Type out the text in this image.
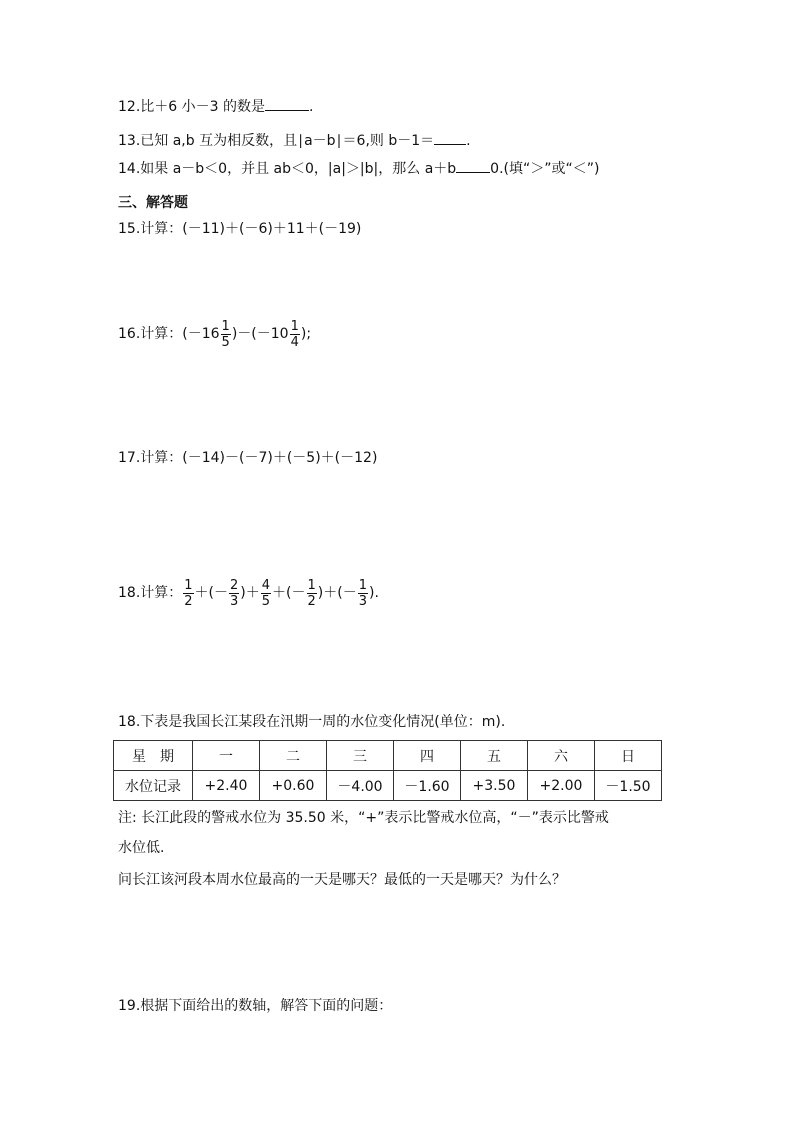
12.比＋6 小－3 的数是	.
13.已知 a,b 互为相反数，且∣a－b∣＝6,则 b－1＝ .
14.如果 a－b＜0，并且 ab＜0，|a|＞|b|，那么 a＋b 0.(填“＞”或“＜”)
三、解答题
15.计算：(－11)＋(－6)＋11＋(－19)
16.计算：$(-16 \frac{1}{5} )-(-10 \frac{1}{4}$ );
17.计算：(－14)－(－7)＋(－5)＋(－12)
18.计算： $\frac{1}{2}$ ＋(－ $\frac{2}{3}$ )＋ $\frac{4}{5}$ ＋(－ $\frac{1}{2}$ )＋(－ $\frac{1}{3}$ ).
18.下表是我国长江某段在汛期一周的水位变化情况(单位：m).
星　期	一	二	三	四	五	六	日
水位记录	+2.40	+0.60	－4.00	－1.60	+3.50	+2.00	－1.50
注: 长江此段的警戒水位为 35.50 米，“+”表示比警戒水位高，“－”表示比警戒
水位低.
问长江该河段本周水位最高的一天是哪天？最低的一天是哪天？为什么？
19.根据下面给出的数轴，解答下面的问题：
